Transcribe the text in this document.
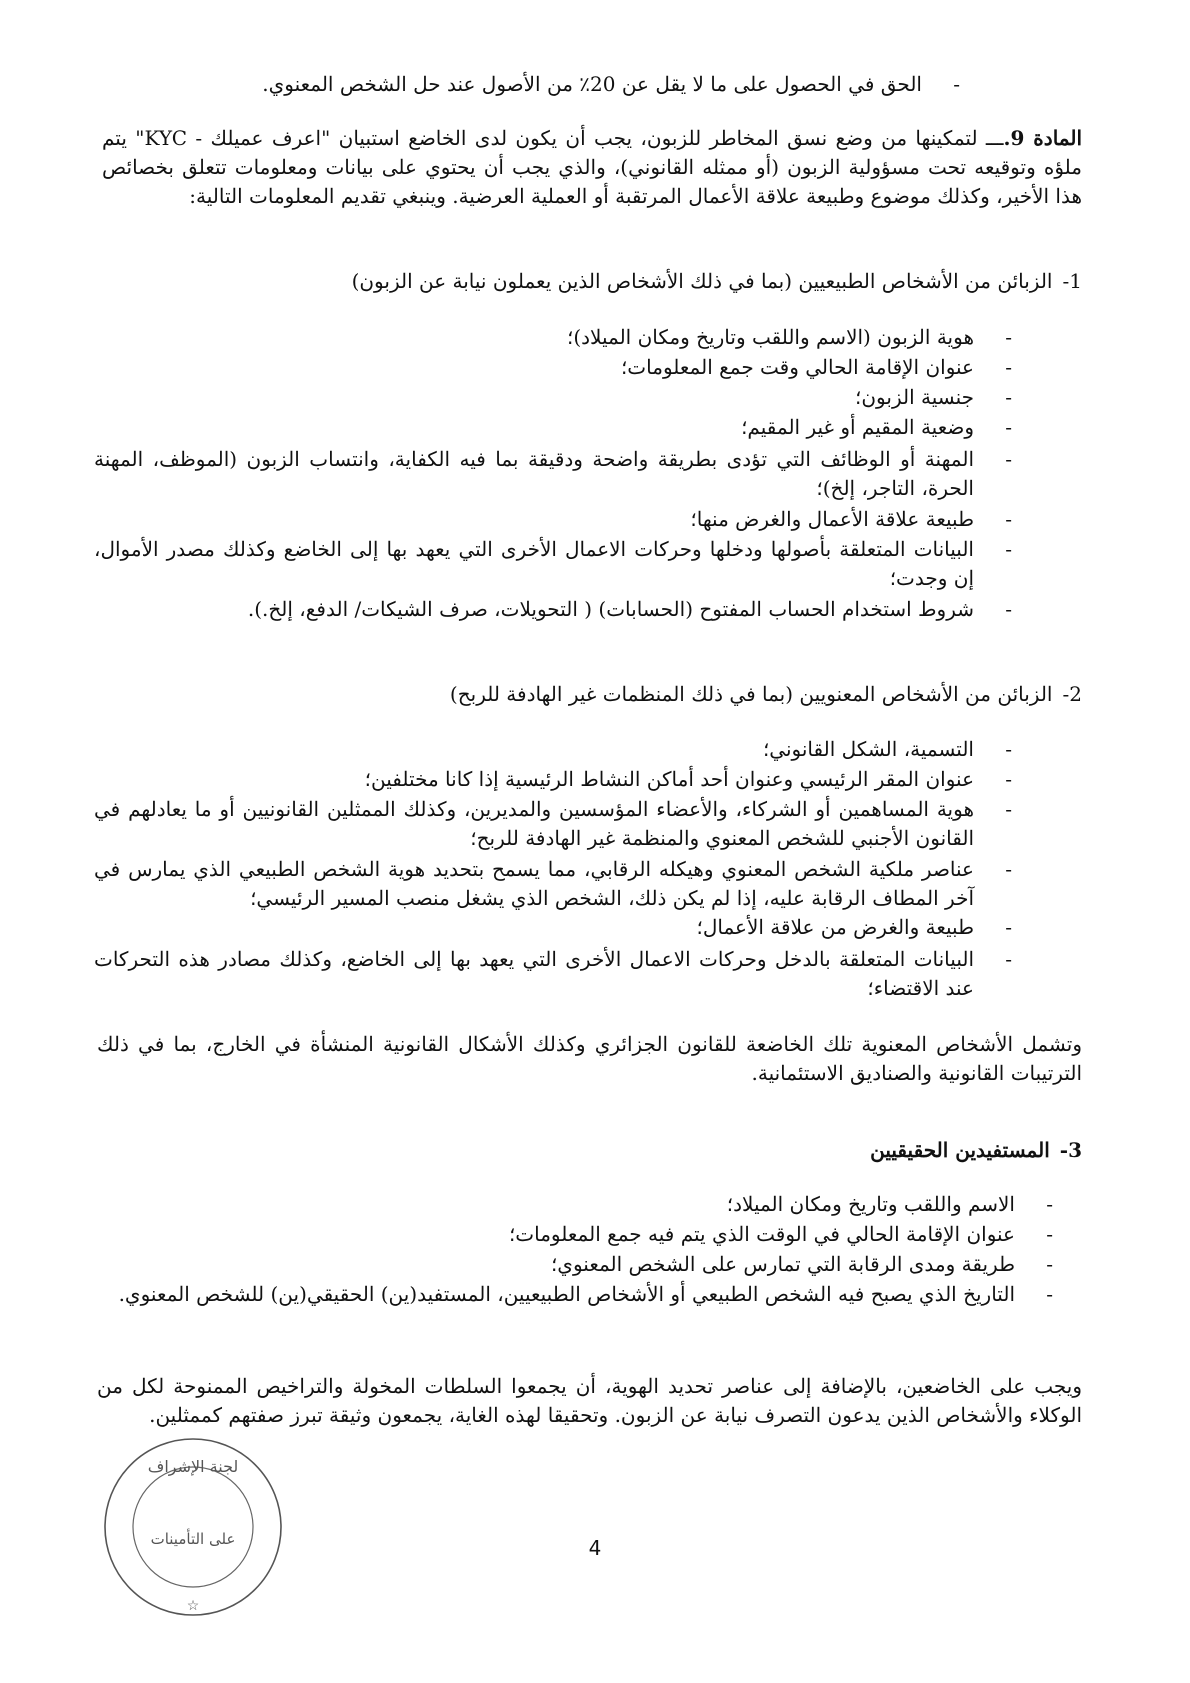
-
الحق في الحصول على ما لا يقل عن 20٪ من الأصول عند حل الشخص المعنوي.
المادة 9.ـــ لتمكينها من وضع نسق المخاطر للزبون، يجب أن يكون لدى الخاضع استبيان "اعرف عميلك - KYC" يتم ملؤه وتوقيعه تحت مسؤولية الزبون (أو ممثله القانوني)، والذي يجب أن يحتوي على بيانات ومعلومات تتعلق بخصائص هذا الأخير، وكذلك موضوع وطبيعة علاقة الأعمال المرتقبة أو العملية العرضية. وينبغي تقديم المعلومات التالية:
1-الزبائن من الأشخاص الطبيعيين (بما في ذلك الأشخاص الذين يعملون نيابة عن الزبون)
-
هوية الزبون (الاسم واللقب وتاريخ ومكان الميلاد)؛
-
عنوان الإقامة الحالي وقت جمع المعلومات؛
-
جنسية الزبون؛
-
وضعية المقيم أو غير المقيم؛
-
المهنة أو الوظائف التي تؤدى بطريقة واضحة ودقيقة بما فيه الكفاية، وانتساب الزبون (الموظف، المهنة الحرة، التاجر، إلخ)؛
-
طبيعة علاقة الأعمال والغرض منها؛
-
البيانات المتعلقة بأصولها ودخلها وحركات الاعمال الأخرى التي يعهد بها إلى الخاضع وكذلك مصدر الأموال، إن وجدت؛
-
شروط استخدام الحساب المفتوح (الحسابات) ( التحويلات، صرف الشيكات/ الدفع، إلخ.).
2-الزبائن من الأشخاص المعنويين (بما في ذلك المنظمات غير الهادفة للربح)
-
التسمية، الشكل القانوني؛
-
عنوان المقر الرئيسي وعنوان أحد أماكن النشاط الرئيسية إذا كانا مختلفين؛
-
هوية المساهمين أو الشركاء، والأعضاء المؤسسين والمديرين، وكذلك الممثلين القانونيين أو ما يعادلهم في القانون الأجنبي للشخص المعنوي والمنظمة غير الهادفة للربح؛
-
عناصر ملكية الشخص المعنوي وهيكله الرقابي، مما يسمح بتحديد هوية الشخص الطبيعي الذي يمارس في آخر المطاف الرقابة عليه، إذا لم يكن ذلك، الشخص الذي يشغل منصب المسير الرئيسي؛
-
طبيعة والغرض من علاقة الأعمال؛
-
البيانات المتعلقة بالدخل وحركات الاعمال الأخرى التي يعهد بها إلى الخاضع، وكذلك مصادر هذه التحركات عند الاقتضاء؛
وتشمل الأشخاص المعنوية تلك الخاضعة للقانون الجزائري وكذلك الأشكال القانونية المنشأة في الخارج، بما في ذلك الترتيبات القانونية والصناديق الاستئمانية.
3-المستفيدين الحقيقيين
-
الاسم واللقب وتاريخ ومكان الميلاد؛
-
عنوان الإقامة الحالي في الوقت الذي يتم فيه جمع المعلومات؛
-
طريقة ومدى الرقابة التي تمارس على الشخص المعنوي؛
-
التاريخ الذي يصبح فيه الشخص الطبيعي أو الأشخاص الطبيعيين، المستفيد(ين) الحقيقي(ين) للشخص المعنوي.
ويجب على الخاضعين، بالإضافة إلى عناصر تحديد الهوية، أن يجمعوا السلطات المخولة والتراخيص الممنوحة لكل من الوكلاء والأشخاص الذين يدعون التصرف نيابة عن الزبون. وتحقيقا لهذه الغاية، يجمعون وثيقة تبرز صفتهم كممثلين.
لجنة الإشراف
على التأمينات
☆
4
